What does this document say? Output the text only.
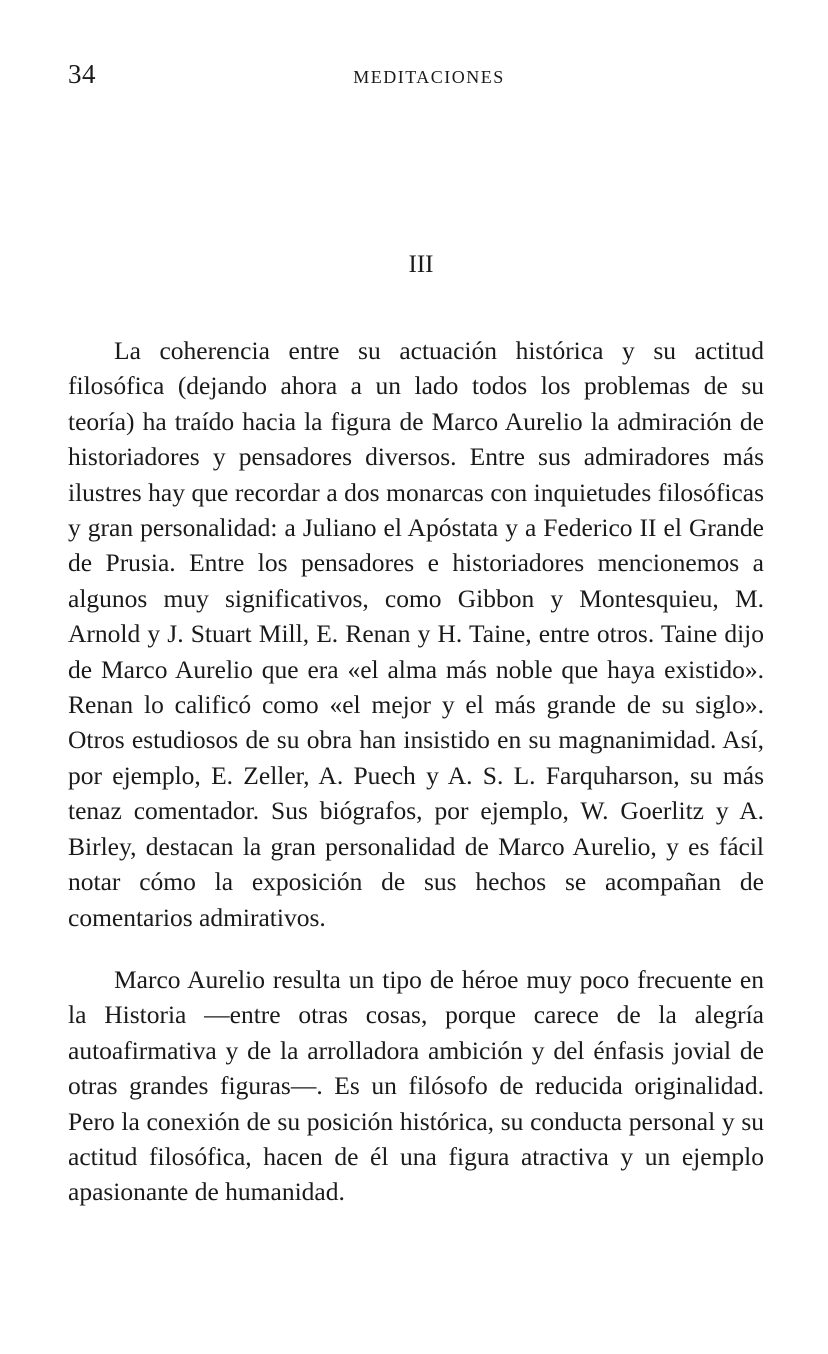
34	MEDITACIONES
III

La coherencia entre su actuación histórica y su actitud filosófica (dejando ahora a un lado todos los problemas de su teoría) ha traído hacia la figura de Marco Aurelio la admiración de historiadores y pensadores diversos. Entre sus admiradores más ilustres hay que recordar a dos monarcas con inquietudes filosóficas y gran personalidad: a Juliano el Apóstata y a Federico II el Grande de Prusia. Entre los pensadores e historiadores mencionemos a algunos muy significativos, como Gibbon y Montesquieu, M. Arnold y J. Stuart Mill, E. Renan y H. Taine, entre otros. Taine dijo de Marco Aurelio que era «el alma más noble que haya existido». Renan lo calificó como «el mejor y el más grande de su siglo». Otros estudiosos de su obra han insistido en su magnanimidad. Así, por ejemplo, E. Zeller, A. Puech y A. S. L. Farquharson, su más tenaz comentador. Sus biógrafos, por ejemplo, W. Goerlitz y A. Birley, destacan la gran personalidad de Marco Aurelio, y es fácil notar cómo la exposición de sus hechos se acompañan de comentarios admirativos.

Marco Aurelio resulta un tipo de héroe muy poco frecuente en la Historia —entre otras cosas, porque carece de la alegría autoafirmativa y de la arrolladora ambición y del énfasis jovial de otras grandes figuras—. Es un filósofo de reducida originalidad. Pero la conexión de su posición histórica, su conducta personal y su actitud filosófica, hacen de él una figura atractiva y un ejemplo apasionante de humanidad.
